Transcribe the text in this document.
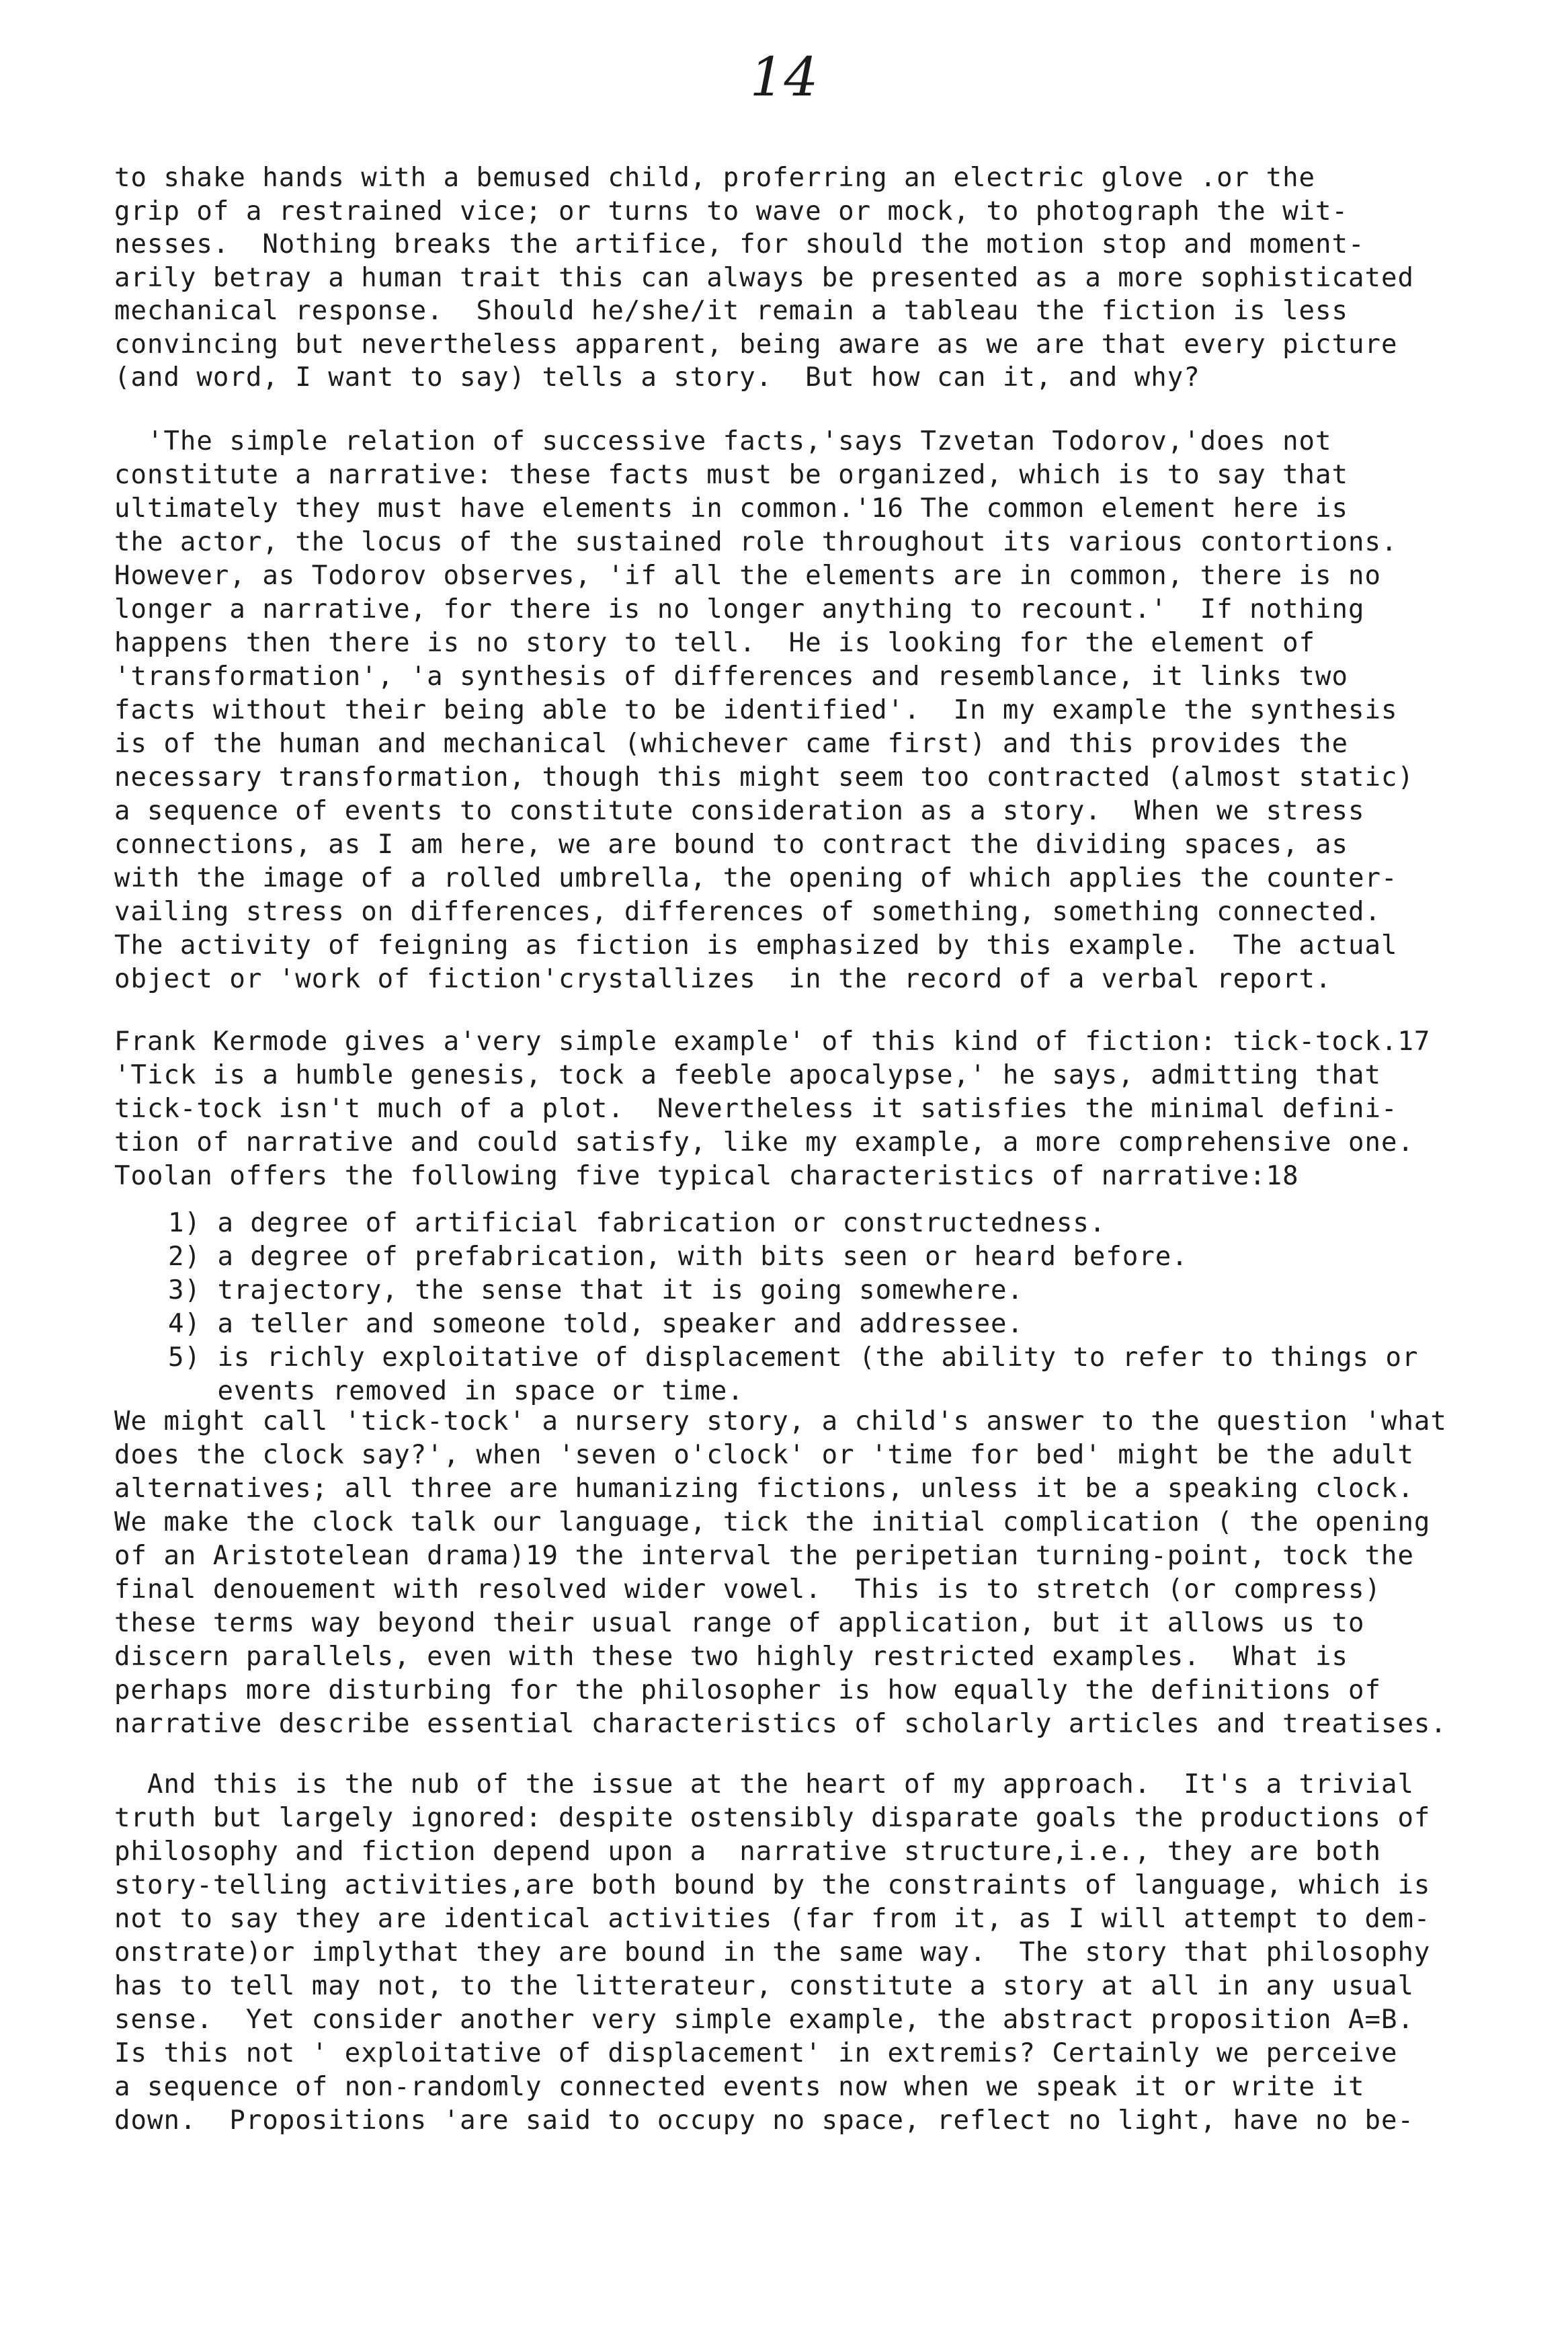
14
to shake hands with a bemused child, proferring an electric glove .or the
grip of a restrained vice; or turns to wave or mock, to photograph the wit-
nesses.  Nothing breaks the artifice, for should the motion stop and moment-
arily betray a human trait this can always be presented as a more sophisticated
mechanical response.  Should he/she/it remain a tableau the fiction is less
convincing but nevertheless apparent, being aware as we are that every picture
(and word, I want to say) tells a story.  But how can it, and why?
'The simple relation of successive facts,'says Tzvetan Todorov,'does not
constitute a narrative: these facts must be organized, which is to say that
ultimately they must have elements in common.'16 The common element here is
the actor, the locus of the sustained role throughout its various contortions.
However, as Todorov observes, 'if all the elements are in common, there is no
longer a narrative, for there is no longer anything to recount.'  If nothing
happens then there is no story to tell.  He is looking for the element of
'transformation', 'a synthesis of differences and resemblance, it links two
facts without their being able to be identified'.  In my example the synthesis
is of the human and mechanical (whichever came first) and this provides the
necessary transformation, though this might seem too contracted (almost static)
a sequence of events to constitute consideration as a story.  When we stress
connections, as I am here, we are bound to contract the dividing spaces, as
with the image of a rolled umbrella, the opening of which applies the counter-
vailing stress on differences, differences of something, something connected.
The activity of feigning as fiction is emphasized by this example.  The actual
object or 'work of fiction'crystallizes  in the record of a verbal report.
Frank Kermode gives a'very simple example' of this kind of fiction: tick-tock.17
'Tick is a humble genesis, tock a feeble apocalypse,' he says, admitting that
tick-tock isn't much of a plot.  Nevertheless it satisfies the minimal defini-
tion of narrative and could satisfy, like my example, a more comprehensive one.
Toolan offers the following five typical characteristics of narrative:18
1) a degree of artificial fabrication or constructedness.
2) a degree of prefabrication, with bits seen or heard before.
3) trajectory, the sense that it is going somewhere.
4) a teller and someone told, speaker and addressee.
5) is richly exploitative of displacement (the ability to refer to things or
events removed in space or time.
We might call 'tick-tock' a nursery story, a child's answer to the question 'what
does the clock say?', when 'seven o'clock' or 'time for bed' might be the adult
alternatives; all three are humanizing fictions, unless it be a speaking clock.
We make the clock talk our language, tick the initial complication ( the opening
of an Aristotelean drama)19 the interval the peripetian turning-point, tock the
final denouement with resolved wider vowel.  This is to stretch (or compress)
these terms way beyond their usual range of application, but it allows us to
discern parallels, even with these two highly restricted examples.  What is
perhaps more disturbing for the philosopher is how equally the definitions of
narrative describe essential characteristics of scholarly articles and treatises.
And this is the nub of the issue at the heart of my approach.  It's a trivial
truth but largely ignored: despite ostensibly disparate goals the productions of
philosophy and fiction depend upon a  narrative structure,i.e., they are both
story-telling activities,are both bound by the constraints of language, which is
not to say they are identical activities (far from it, as I will attempt to dem-
onstrate)or implythat they are bound in the same way.  The story that philosophy
has to tell may not, to the litterateur, constitute a story at all in any usual
sense.  Yet consider another very simple example, the abstract proposition A=B.
Is this not ' exploitative of displacement' in extremis? Certainly we perceive
a sequence of non-randomly connected events now when we speak it or write it
down.  Propositions 'are said to occupy no space, reflect no light, have no be-
